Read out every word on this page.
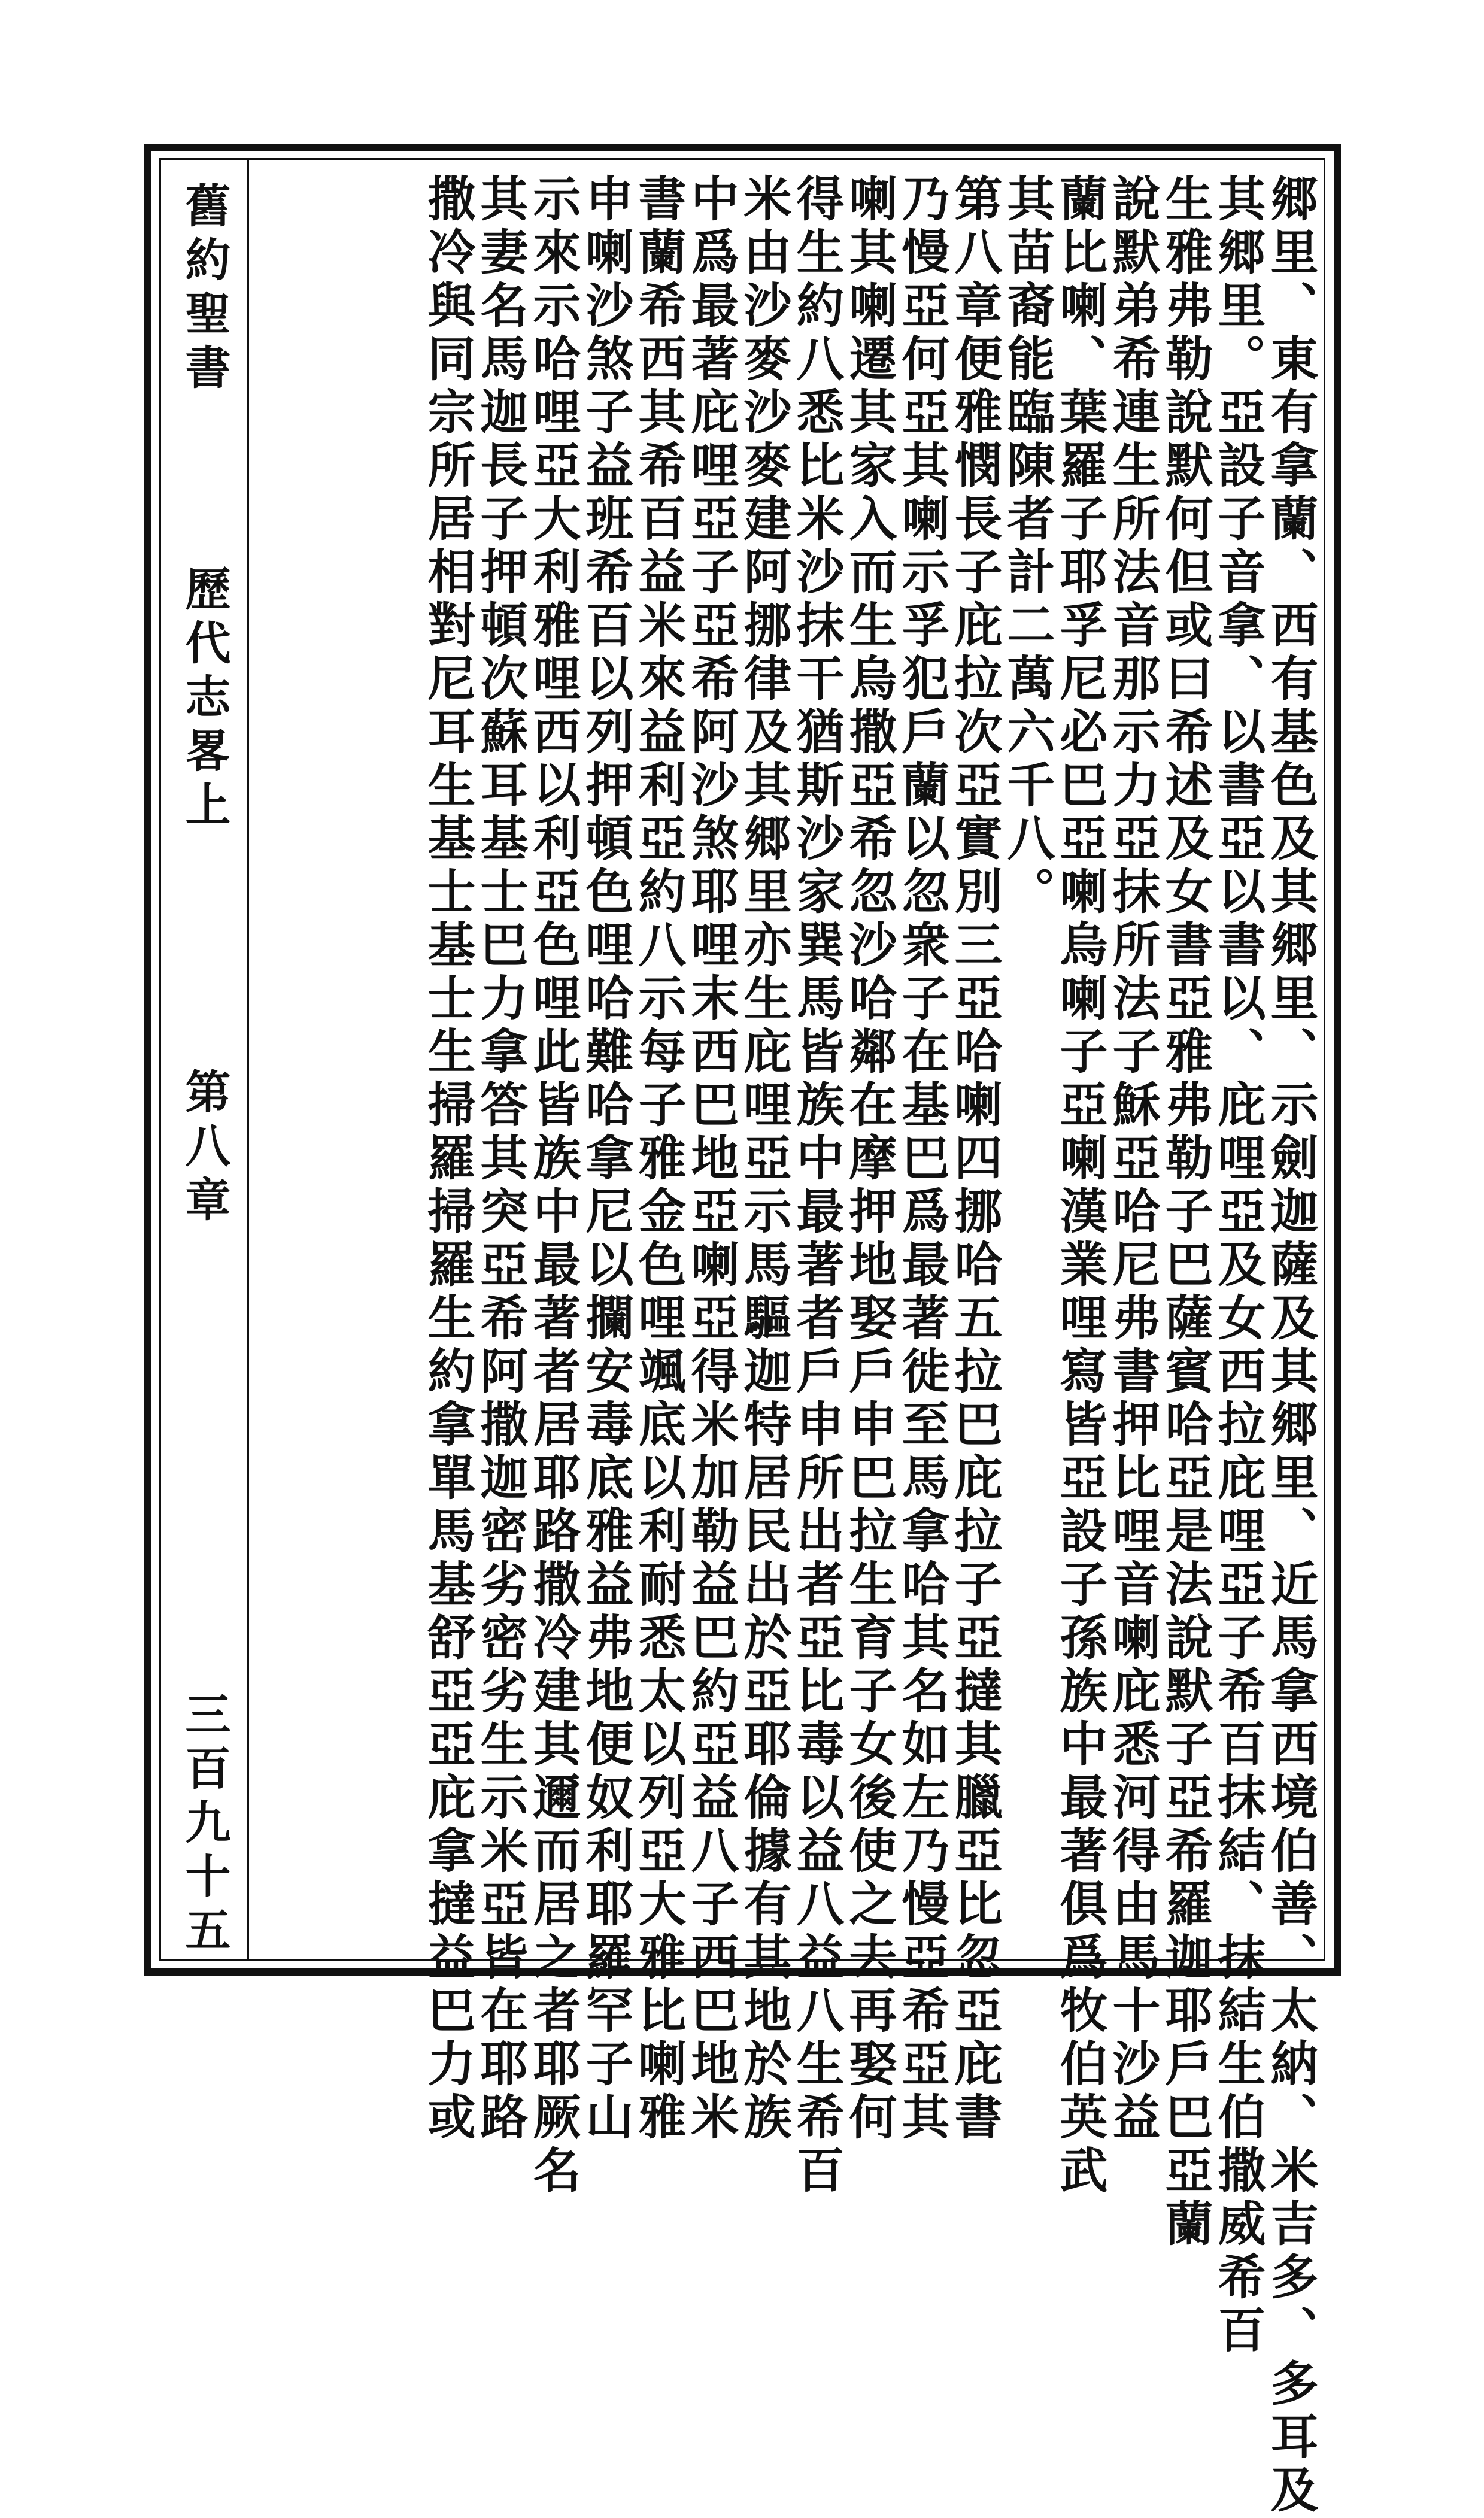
舊約聖書
歷代志畧上
第八章
三百九十五	郷里、東有拿蘭、西有基色及其郷里、示劍迦薩及其郷里、近馬拿西境伯善、太納、米吉多、多耳及
其郷里。亞設子音拿、以書亞以書以、庇哩亞及女西拉庇哩亞子希百抹結、抹結生伯撒威希百
生雅弗勒說默何但或曰希述及女書亞雅弗勒子巴薩賓哈亞是法說默子亞希羅迦耶戶巴亞蘭
說默弟希連生所法音那示力亞抹所法子穌亞哈尼弗書押比哩音喇庇悉河得由馬十沙益
蘭比喇、葉羅子耶孚尼必巴亞喇烏喇子亞喇漢業哩寫皆亞設子孫族中最著俱爲牧伯英武
其苗裔能臨陳者計二萬六千八。
第八章便雅憫長子庇拉次亞實別三亞哈喇四挪哈五拉巴庇拉子亞撻其臘亞比忽亞庇書
乃慢亞何亞其喇示孚犯戶蘭以忽衆子在基巴爲最著徙至馬拿哈其名如左乃慢亞希亞其
喇其喇遷其家入而生烏撒亞希忽沙哈鄰在摩押地娶戶申巴拉生育子女後使之去再娶何
得生約八悉比米沙抹干猶斯沙家巽馬皆族中最著者戶申所出者亞比毒以益八益八生希百
米由沙麥沙麥建阿挪律及其郷里亦生庇哩亞示馬驅迦特居民出於亞耶倫據有其地於族
中爲最著庇哩亞子亞希阿沙煞耶哩末西巴地亞喇亞得米加勒益巴約亞益八子西巴地米
書蘭希西其希百益米來益利亞約八示每子雅金色哩颯底以利耐悉太以列亞大雅比喇雅
申喇沙煞子益班希百以列押頓色哩哈難哈拿尼以攔安毒底雅益弗地便奴利耶羅罕子山
示來示哈哩亞大利雅哩西以利亞色哩此皆族中最著者居耶路撒冷建其邇而居之者耶厥名
其妻名馬迦長子押頓次蘇耳基士巴力拿答其突亞希阿撒迦密劣密劣生示米亞皆在耶路
撒冷與同宗所居相對尼耳生基士基士生掃羅掃羅生約拿單馬基舒亞亞庇拿撻益巴力或
